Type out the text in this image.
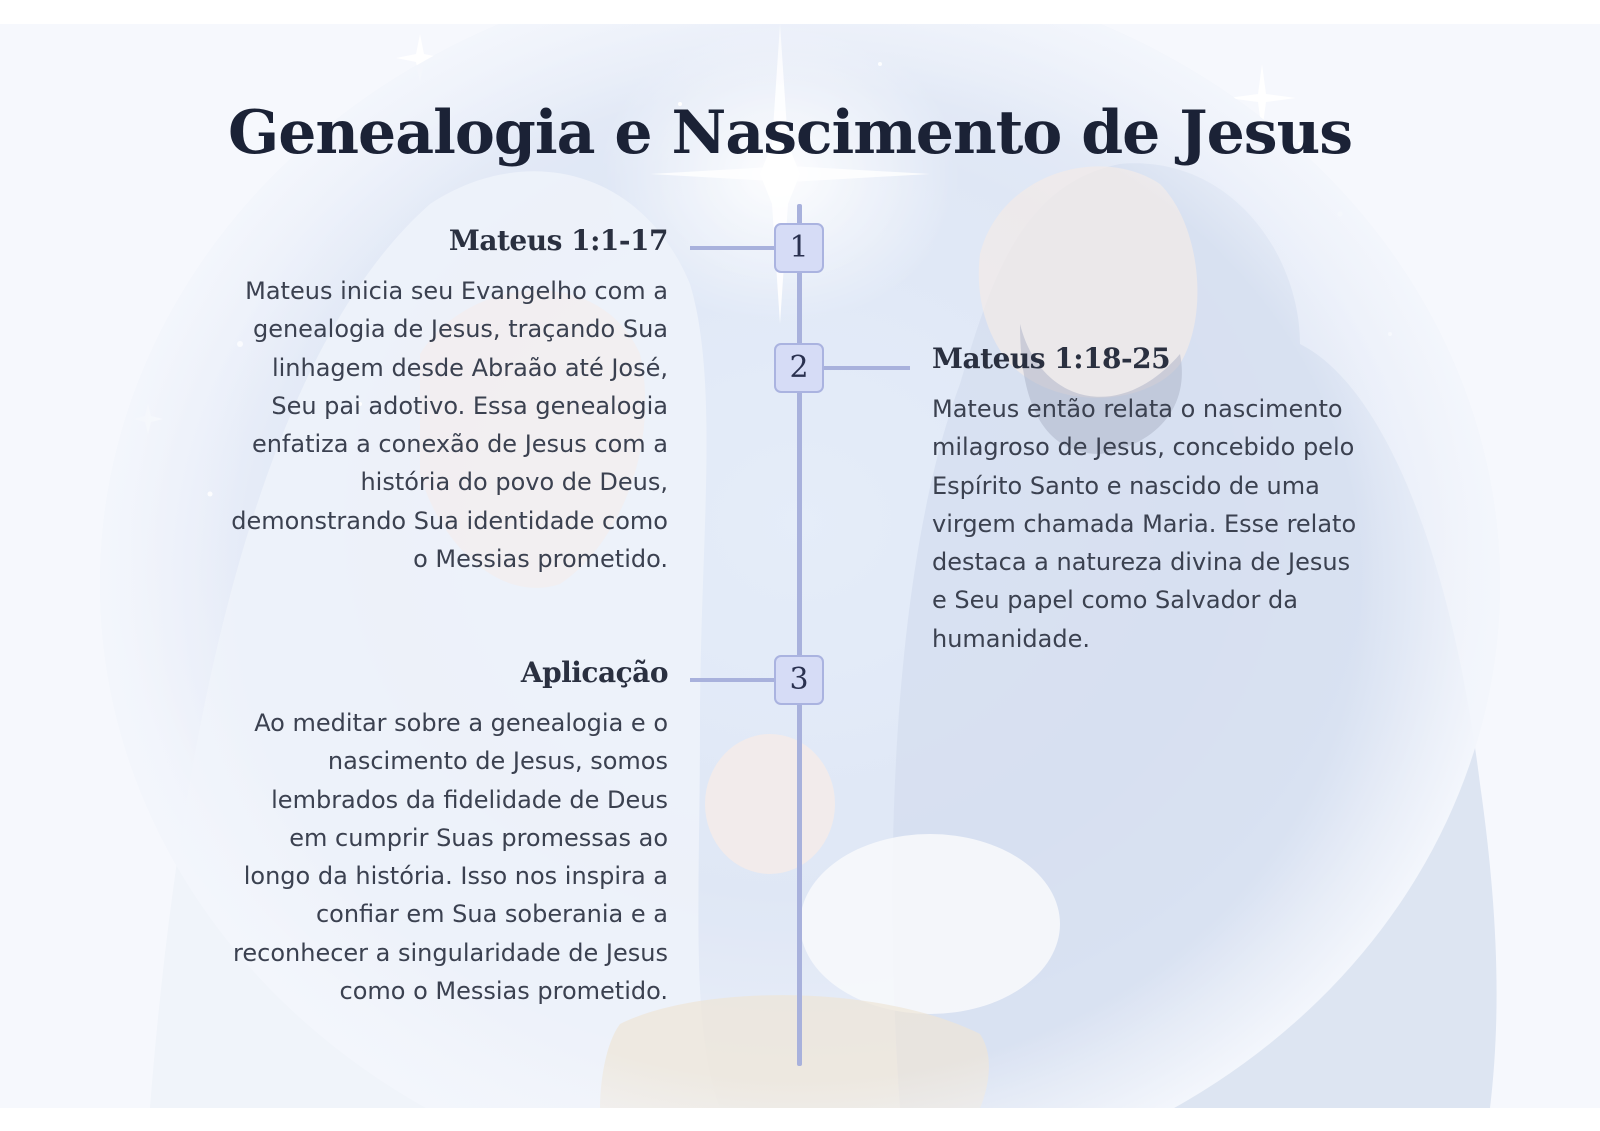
Genealogia e Nascimento de Jesus
1
Mateus 1:1-17

Mateus inicia seu Evangelho com a genealogia de Jesus, traçando Sua linhagem desde Abraão até José, Seu pai adotivo. Essa genealogia enfatiza a conexão de Jesus com a história do povo de Deus, demonstrando Sua identidade como o Messias prometido.

2	Mateus 1:18-25

Mateus então relata o nascimento milagroso de Jesus, concebido pelo Espírito Santo e nascido de uma virgem chamada Maria. Esse relato destaca a natureza divina de Jesus e Seu papel como Salvador da humanidade.

3
Aplicação

Ao meditar sobre a genealogia e o nascimento de Jesus, somos lembrados da fidelidade de Deus em cumprir Suas promessas ao longo da história. Isso nos inspira a confiar em Sua soberania e a reconhecer a singularidade de Jesus como o Messias prometido.
